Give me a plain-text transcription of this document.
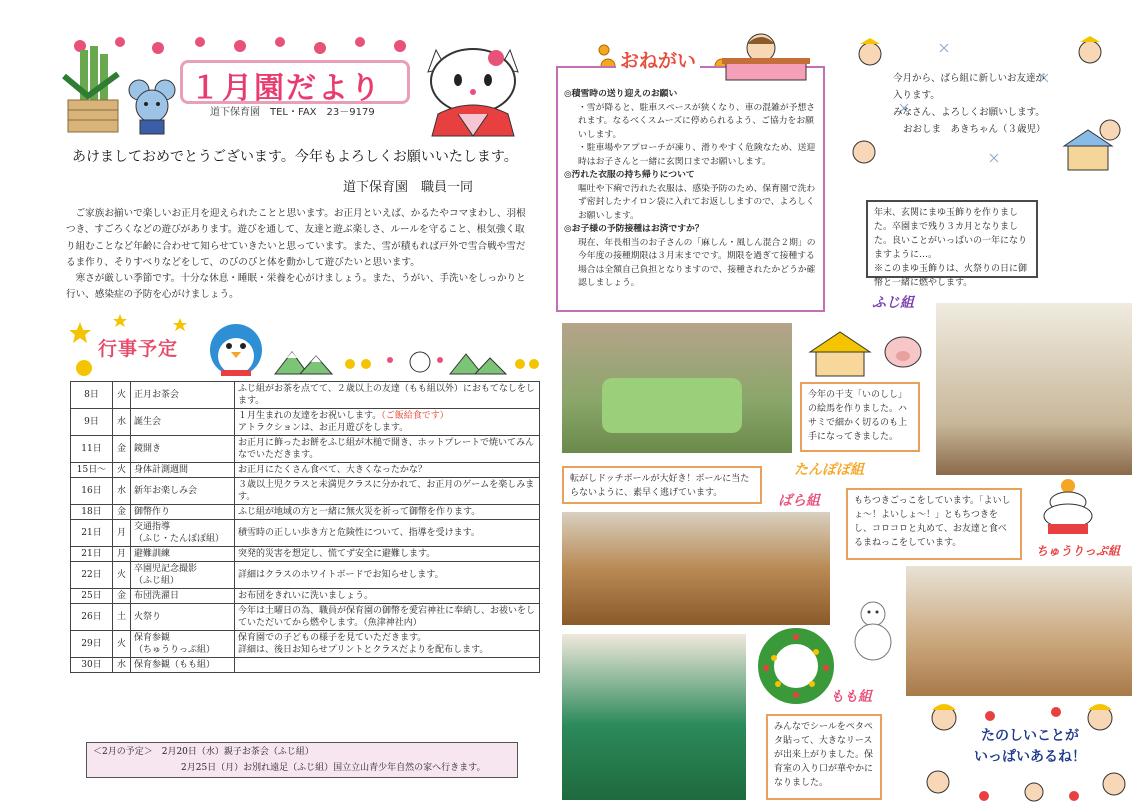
１月園だより
道下保育園　TEL・FAX　23－9179
あけましておめでとうございます。今年もよろしくお願いいたします。
道下保育園　職員一同

ご家族お揃いで楽しいお正月を迎えられたことと思います。お正月といえば、かるたやコマまわし、羽根つき、すごろくなどの遊びがあります。遊びを通して、友達と遊ぶ楽しさ、ルールを守ること、根気強く取り組むことなど年齢に合わせて知らせていきたいと思っています。また、雪が積もれば戸外で雪合戦や雪だるま作り、そりすべりなどをして、のびのびと体を動かして遊びたいと思います。

寒さが厳しい季節です。十分な休息・睡眠・栄養を心がけましょう。また、うがい、手洗いをしっかりと行い、感染症の予防を心がけましょう。

行事予定
8日	火	正月お茶会	ふじ組がお茶を点てて、２歳以上の友達（もも組以外）におもてなしをします。
9日	水	誕生会	１月生まれの友達をお祝いします。（ご飯給食です）
アトラクションは、お正月遊びをします。
11日	金	鏡開き	お正月に飾ったお餅をふじ組が木槌で開き、ホットプレートで焼いてみんなでいただきます。
15日～	火	身体計測週間	お正月にたくさん食べて、大きくなったかな？
16日	水	新年お楽しみ会	３歳以上児クラスと未満児クラスに分かれて、お正月のゲームを楽しみます。
18日	金	御幣作り	ふじ組が地域の方と一緒に無火災を祈って御幣を作ります。
21日	月	交通指導
（ふじ・たんぽぽ組）	積雪時の正しい歩き方と危険性について、指導を受けます。
21日	月	避難訓練	突発的災害を想定し、慌てず安全に避難します。
22日	火	卒園児記念撮影
（ふじ組）	詳細はクラスのホワイトボードでお知らせします。
25日	金	布団洗濯日	お布団をきれいに洗いましょう。
26日	土	火祭り	今年は土曜日の為、職員が保育園の御幣を愛宕神社に奉納し、お祓いをしていただいてから燃やします。（魚津神社内）
29日	火	保育参観
（ちゅうりっぷ組）	保育園での子どもの様子を見ていただきます。
詳細は、後日お知らせプリントとクラスだよりを配布します。
30日	水	保育参観（もも組）	
＜2月の予定＞　2月20日（水）親子お茶会（ふじ組）
2月25日（月）お別れ遠足（ふじ組）国立立山青少年自然の家へ行きます。
◎積雪時の送り迎えのお願い
・雪が降ると、駐車スペースが狭くなり、車の混雑が予想されます。なるべくスムーズに停められるよう、ご協力をお願いします。
・駐車場やアプローチが凍り、滑りやすく危険なため、送迎時はお子さんと一緒に玄関口までお願いします。
◎汚れた衣服の持ち帰りについて
嘔吐や下痢で汚れた衣服は、感染予防のため、保育園で洗わず密封したナイロン袋に入れてお返ししますので、よろしくお願いします。
◎お子様の予防接種はお済ですか？
現在、年長相当のお子さんの「麻しん・風しん混合２期」の今年度の接種期限は３月末までです。期限を過ぎて接種する場合は全額自己負担となりますので、接種されたかどうか確認しましょう。
おねがい
今月から、ばら組に新しいお友達が
入ります。
みなさん、よろしくお願いします。
おおしま　あきちゃん（３歳児）
年末、玄関にまゆ玉飾りを作りました。卒園まで残り３カ月となりました。良いことがいっぱいの一年になりますように…。
※このまゆ玉飾りは、火祭りの日に御幣と一緒に燃やします。
ふじ組
今年の干支「いのしし」の絵馬を作りました。ハサミで細かく切るのも上手になってきました。
たんぽぽ組
転がしドッチボールが大好き！ボールに当たらないように、素早く逃げています。	ばら組	もちつきごっこをしています。「よいしょ～！よいしょ～！」ともちつきをし、コロコロと丸めて、お友達と食べるまねっこをしています。
ちゅうりっぷ組
もも組
みんなでシールをペタペタ貼って、大きなリースが出来上がりました。保育室の入り口が華やかになりました。
たのしいことが
いっぱいあるね！
